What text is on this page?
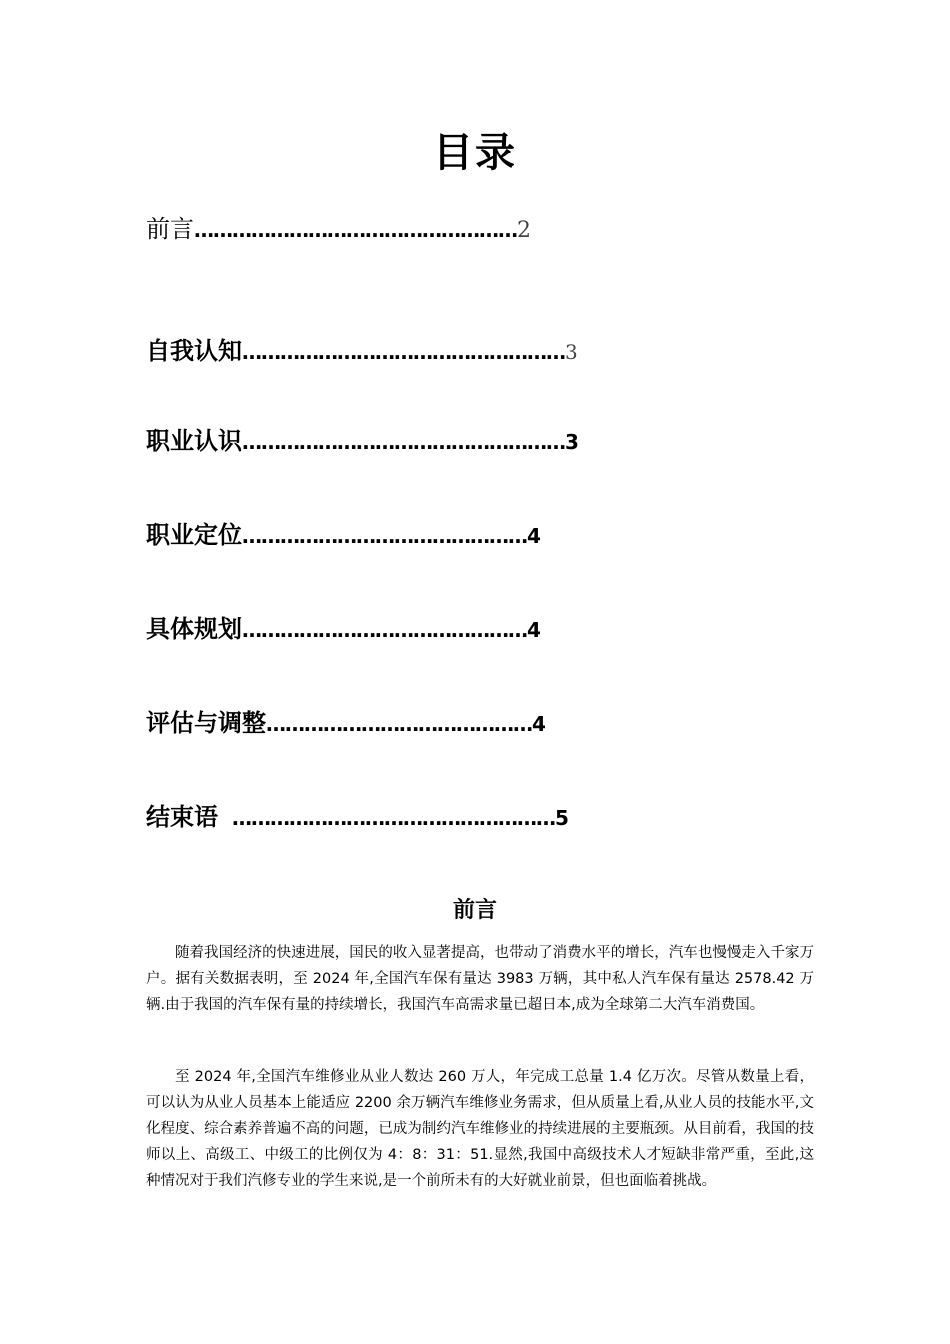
目录
前言……………………………………………2
自我认知……………………………………………3
职业认识……………………………………………3
职业定位………………………………………4
具体规划………………………………………4
评估与调整……………………………………4
结束语 ……………………………………………5
前言

随着我国经济的快速进展，国民的收入显著提高，也带动了消费水平的增长，汽车也慢慢走入千家万户。据有关数据表明，至 2024 年,全国汽车保有量达 3983 万辆，其中私人汽车保有量达 2578.42 万辆.由于我国的汽车保有量的持续增长，我国汽车高需求量已超日本,成为全球第二大汽车消费国。

至 2024 年,全国汽车维修业从业人数达 260 万人，年完成工总量 1.4 亿万次。尽管从数量上看，可以认为从业人员基本上能适应 2200 余万辆汽车维修业务需求，但从质量上看,从业人员的技能水平,文化程度、综合素养普遍不高的问题，已成为制约汽车维修业的持续进展的主要瓶颈。从目前看，我国的技师以上、高级工、中级工的比例仅为 4：8：31：51.显然,我国中高级技术人才短缺非常严重，至此,这种情况对于我们汽修专业的学生来说,是一个前所未有的大好就业前景，但也面临着挑战。
